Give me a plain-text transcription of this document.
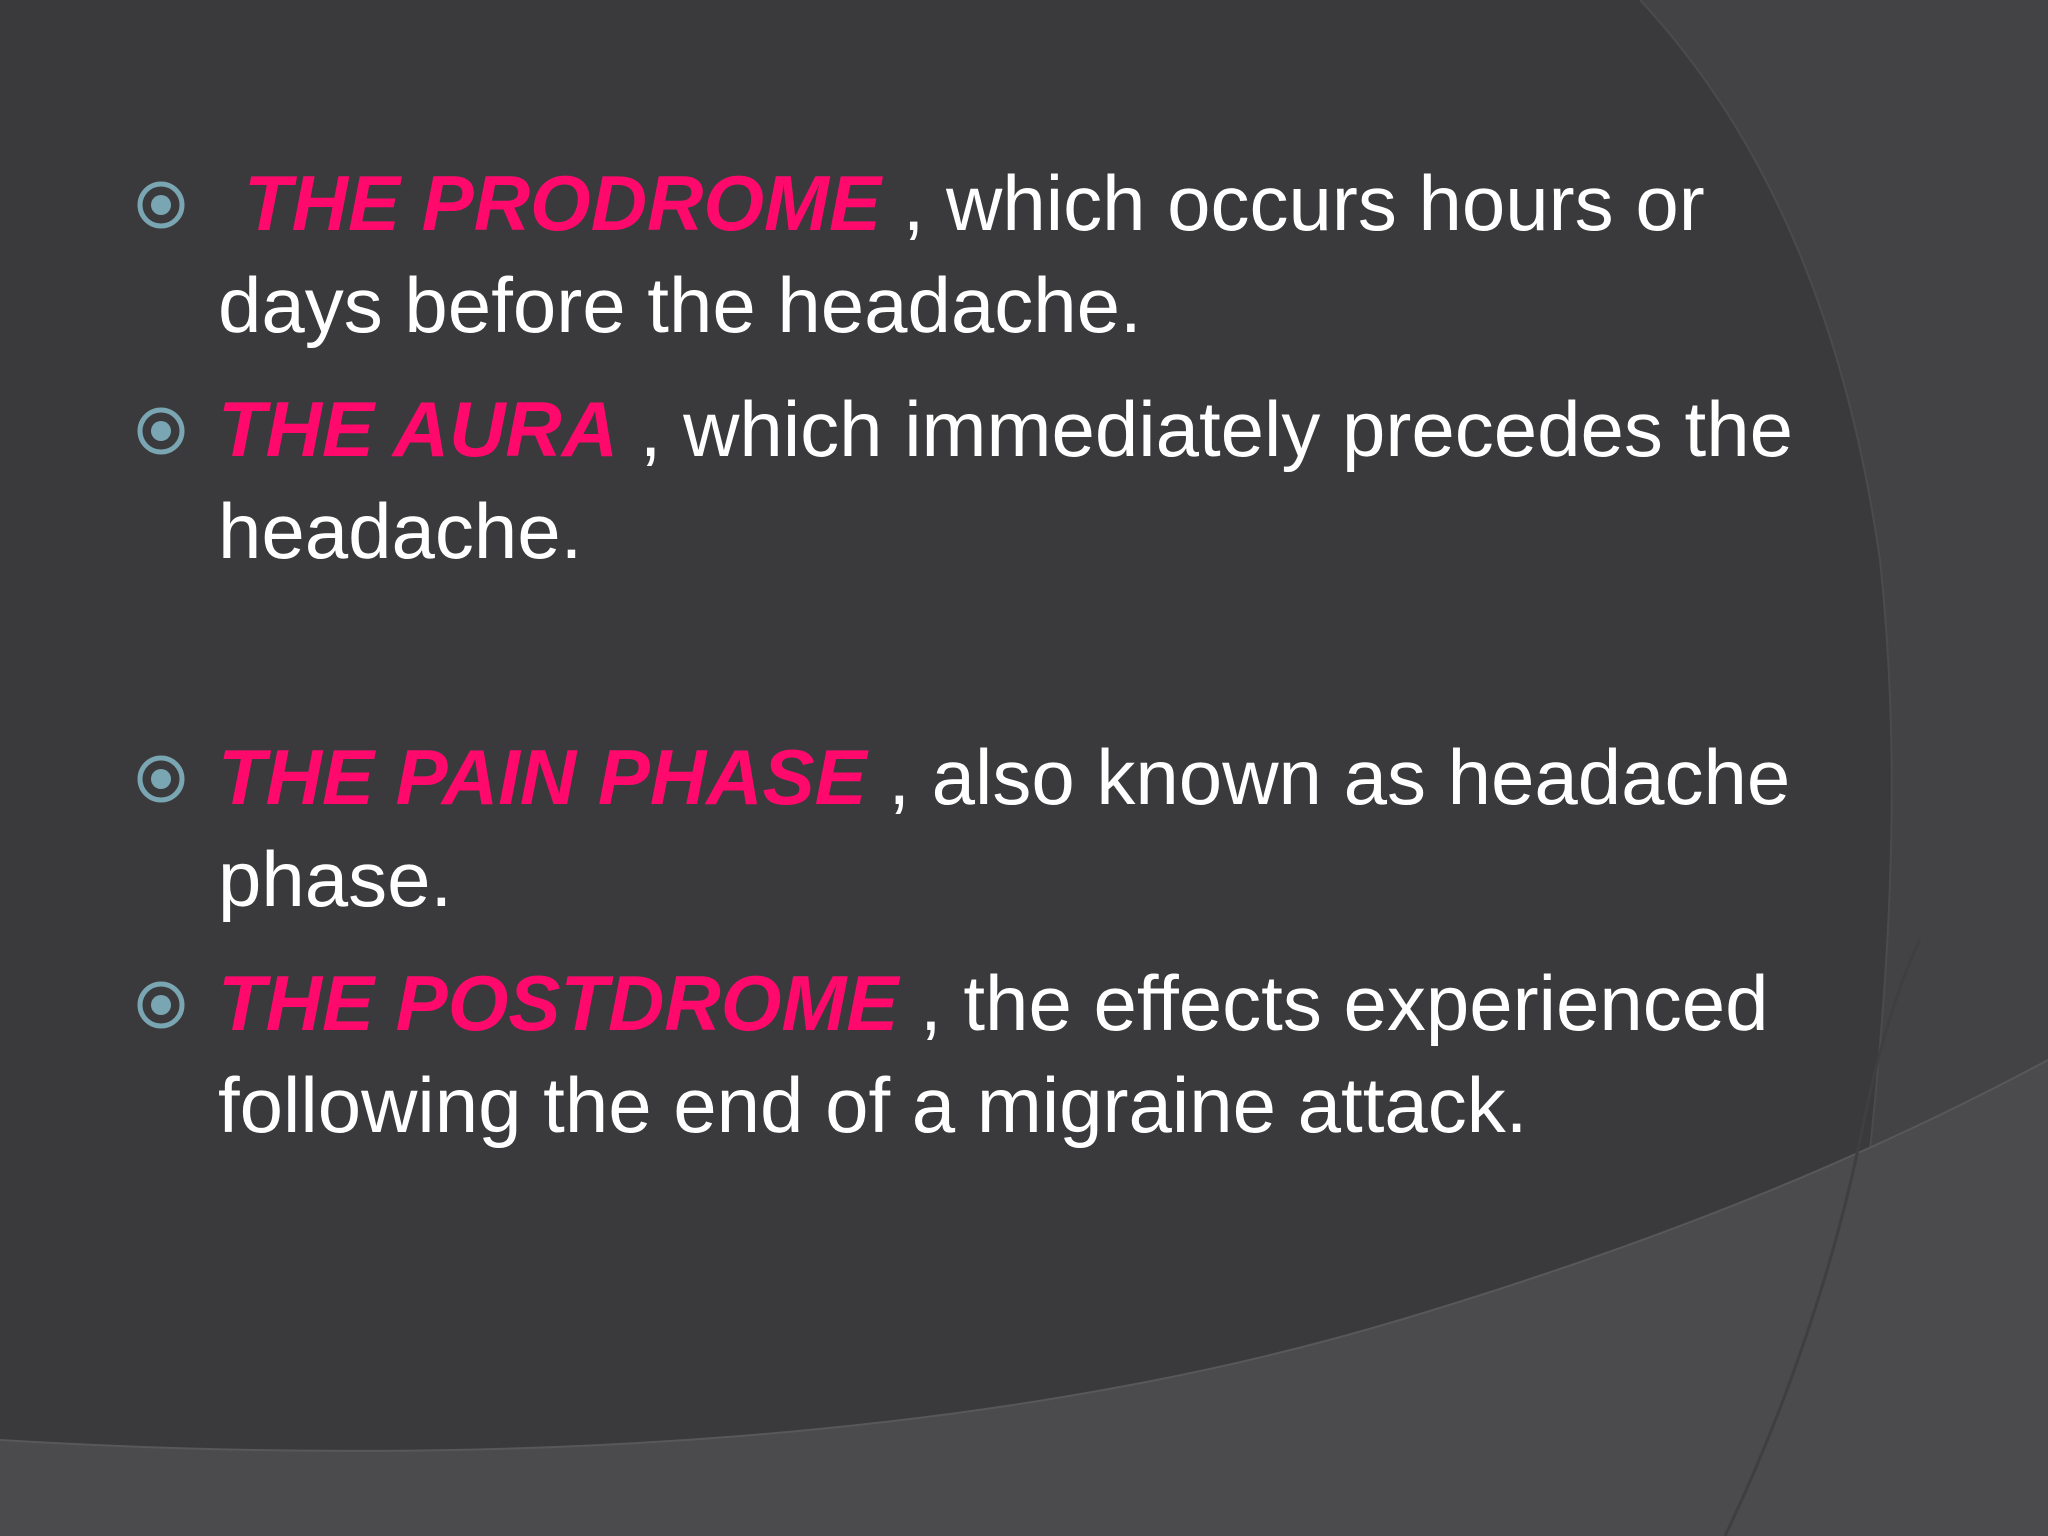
THE PRODROME , which occurs hours or days before the headache.
THE AURA , which immediately precedes the headache.
THE PAIN PHASE , also known as headache phase.
THE POSTDROME , the effects experienced following the end of a migraine attack.
